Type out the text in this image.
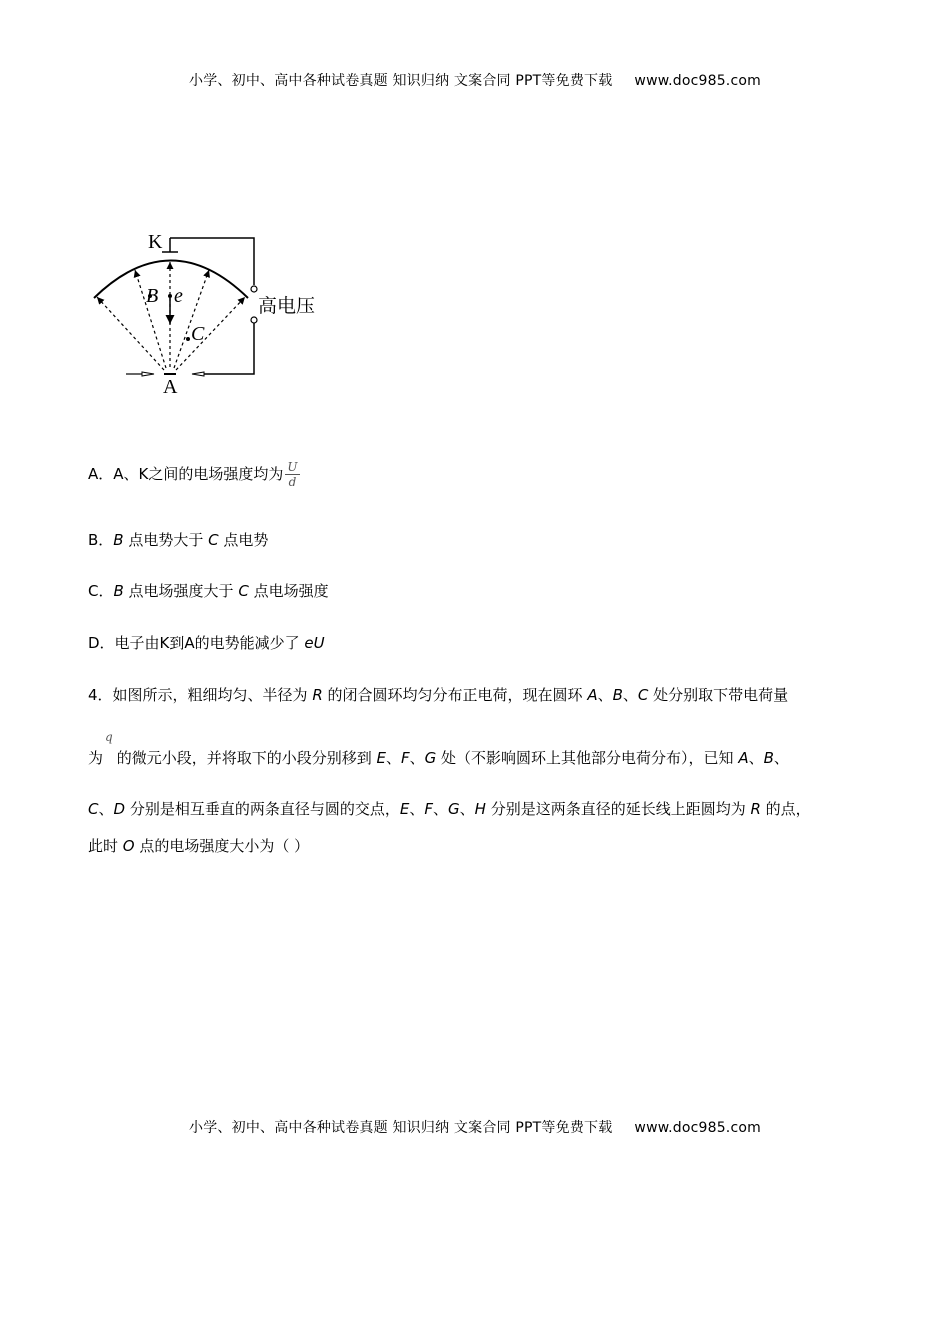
小学、初中、高中各种试卷真题 知识归纳 文案合同 PPT等免费下载 www.doc985.com
K
A
B e
C
高电压
A．A、K之间的电场强度均为 $\frac{U}{d}$
B．B 点电势大于 C 点电势
C．B 点电场强度大于 C 点电场强度
D．电子由K到A的电势能减少了 eU
4．如图所示，粗细均匀、半径为 R 的闭合圆环均匀分布正电荷，现在圆环 A、B、C 处分别取下带电荷量
为q的微元小段，并将取下的小段分别移到 E、F、G 处（不影响圆环上其他部分电荷分布），已知 A、B、
C、D 分别是相互垂直的两条直径与圆的交点，E、F、G、H 分别是这两条直径的延长线上距圆均为 R 的点，
此时 O 点的电场强度大小为（ ）
小学、初中、高中各种试卷真题 知识归纳 文案合同 PPT等免费下载 www.doc985.com
